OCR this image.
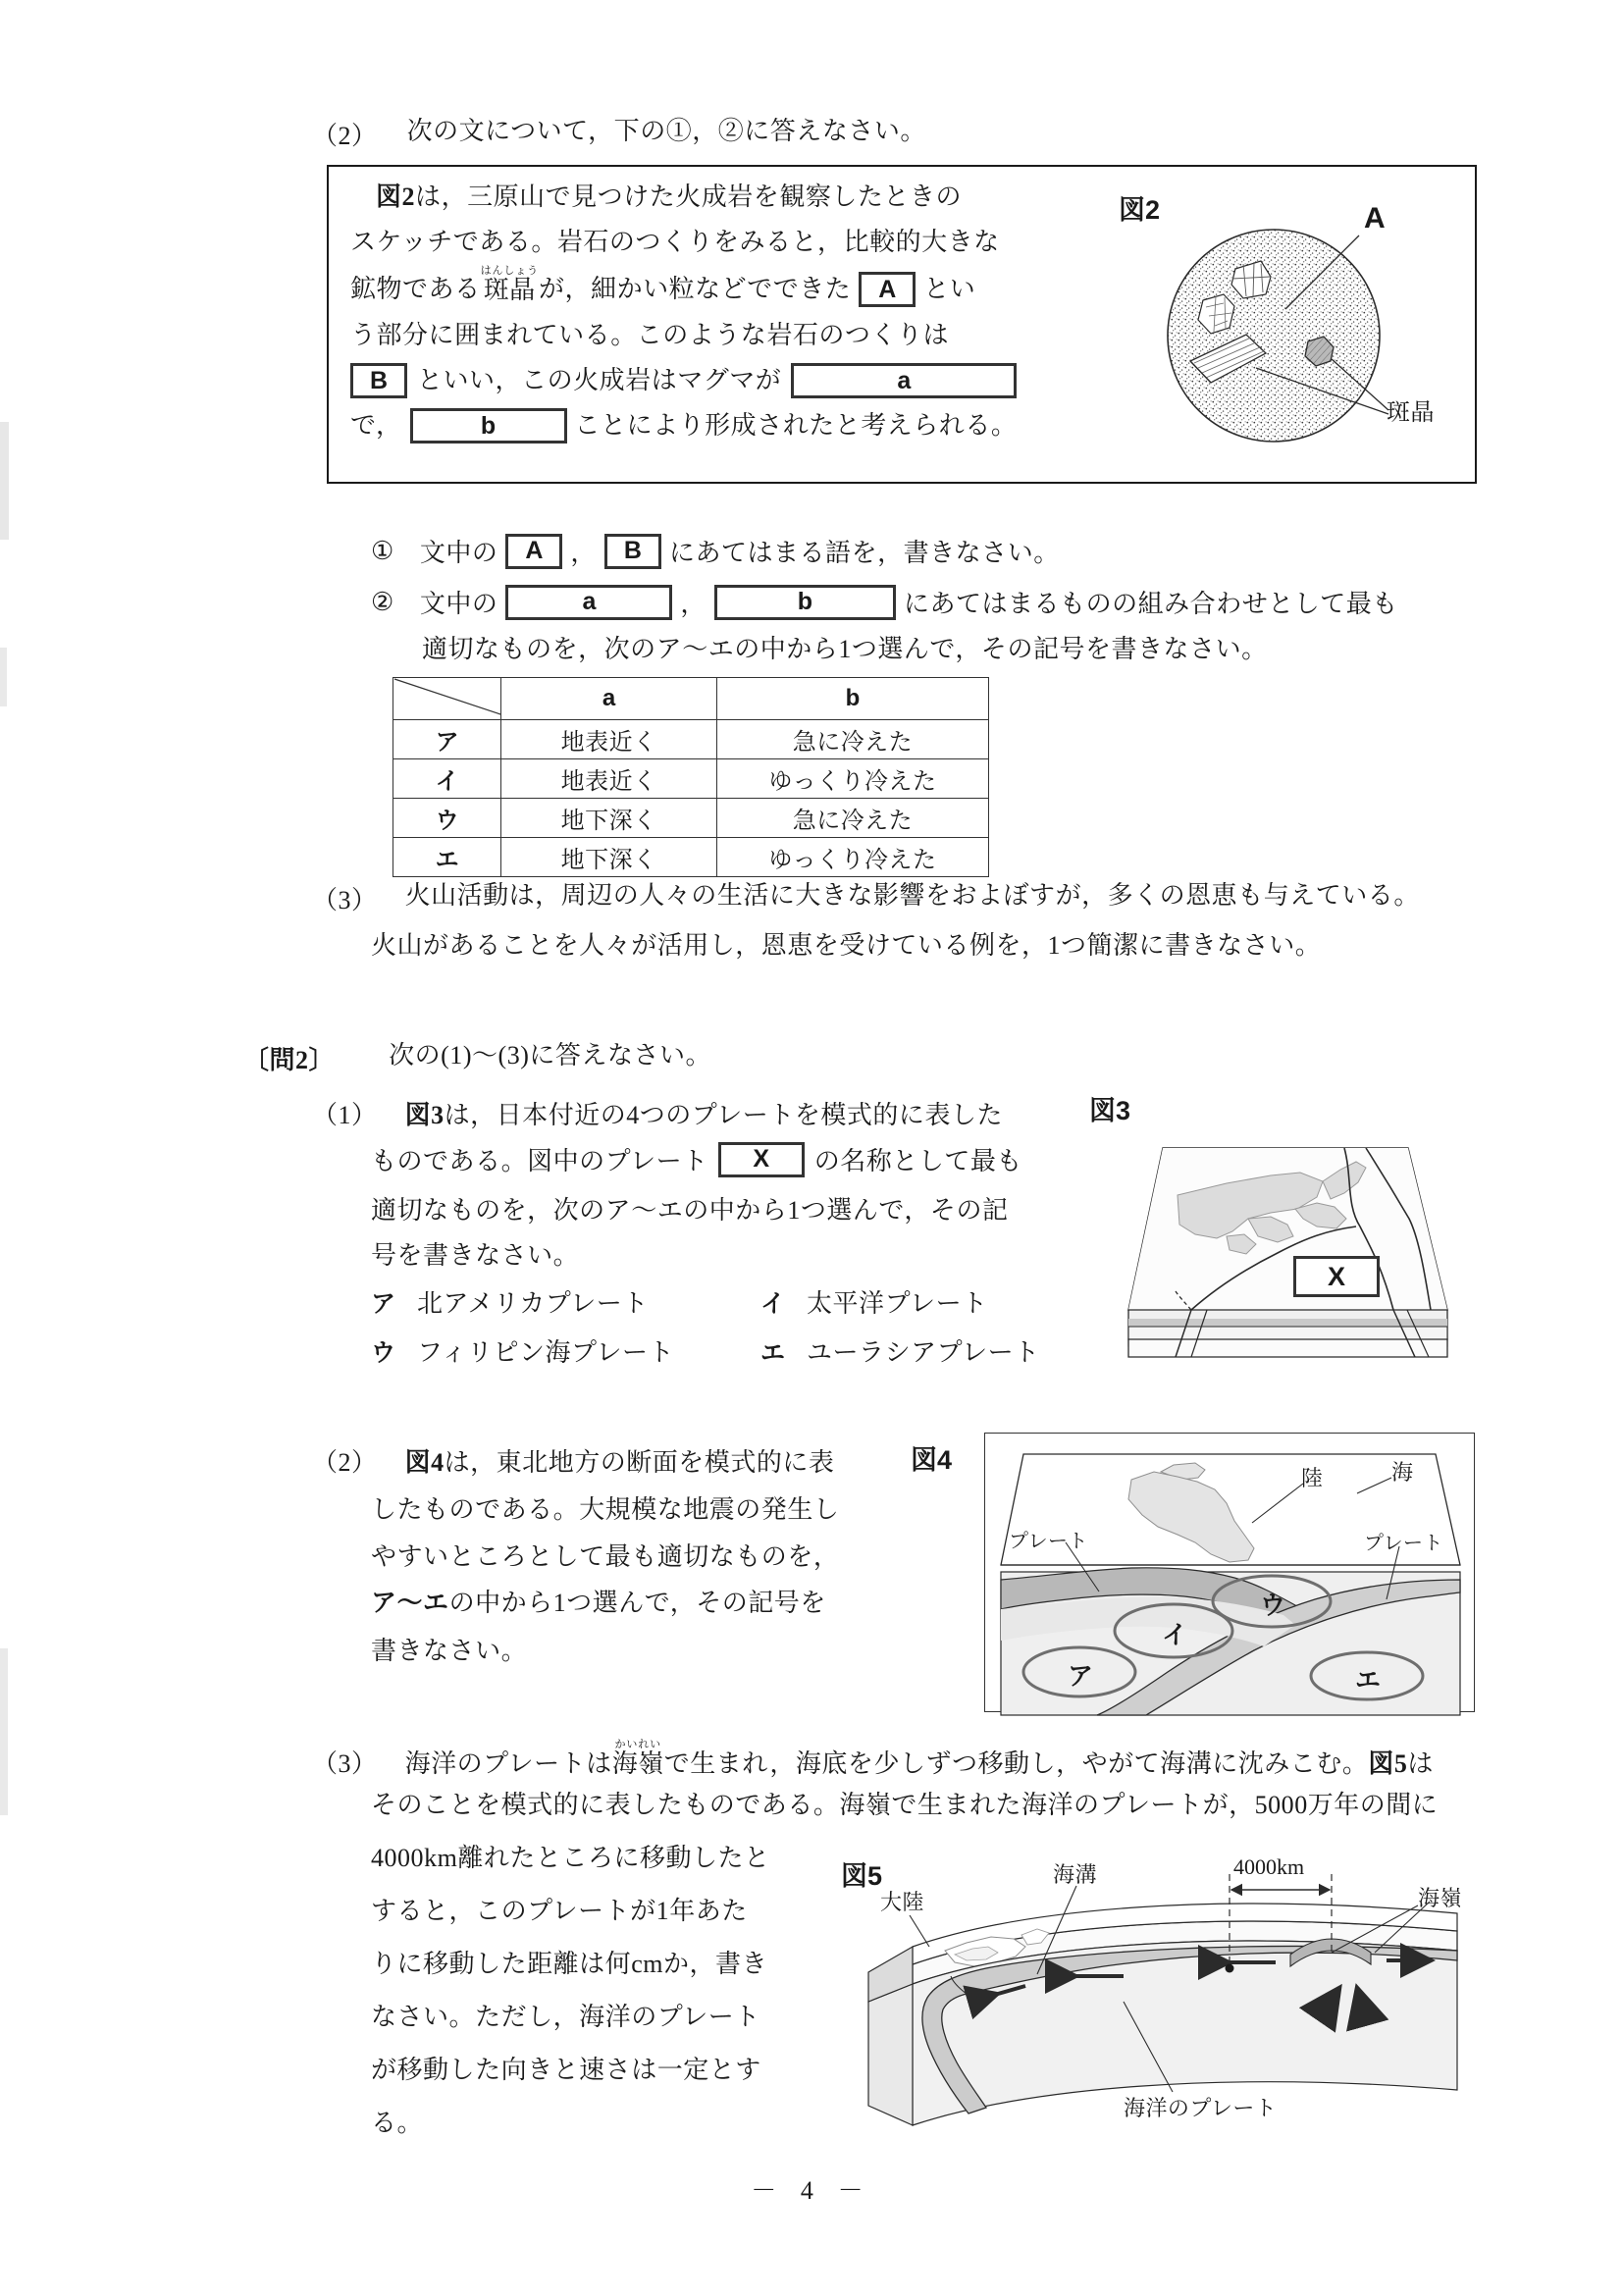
（2） 次の文について，下の①，②に答えなさい。
図2 は，三原山で見つけた火成岩を観察したときの
スケッチである。岩石のつくりをみると，比較的大きな
鉱物である 斑晶はんしょう
が，細かい粒などでできた	A	とい
う部分に囲まれている。このような岩石のつくりは
B	といい，この火成岩はマグマが	a
で，	b	ことにより形成されたと考えられる。
図2	A
斑晶
① 文中の	A	，	B	にあてはまる語を，書きなさい。
② 文中の	a	，	b	にあてはまるものの組み合わせとして最も
適切なものを，次のア～エの中から1つ選んで，その記号を書きなさい。
	a	b
ア	地表近く	急に冷えた
イ	地表近く	ゆっくり冷えた
ウ	地下深く	急に冷えた
エ	地下深く	ゆっくり冷えた
（3） 火山活動は，周辺の人々の生活に大きな影響をおよぼすが，多くの恩恵も与えている。
火山があることを人々が活用し，恩恵を受けている例を，1つ簡潔に書きなさい。
〔問2〕 次の(1)～(3)に答えなさい。
（1） 図3 は，日本付近の4つのプレートを模式的に表した
ものである。図中のプレート	X	の名称として最も
適切なものを，次のア～エの中から1つ選んで，その記
号を書きなさい。
ア 北アメリカプレート	イ 太平洋プレート
ウ フィリピン海プレート	エ ユーラシアプレート
図3
X
（2） 図4 は，東北地方の断面を模式的に表
したものである。大規模な地震の発生し
やすいところとして最も適切なものを，
ア～エ の中から1つ選んで，その記号を
書きなさい。
図4
陸	海
プレート	プレート
ア
イ
ウ
エ
（3） 海洋のプレートは 海嶺かいれい
で生まれ，海底を少しずつ移動し，やがて海溝に沈みこむ。 図5 は
そのことを模式的に表したものである。海嶺で生まれた海洋のプレートが，5000万年の間に
4000km離れたところに移動したと
すると，このプレートが1年あた
りに移動した距離は何cmか，書き
なさい。ただし，海洋のプレート
が移動した向きと速さは一定とす
る。
図5
大陸
海溝
海嶺
4000km
海洋のプレート
－ 4 －
